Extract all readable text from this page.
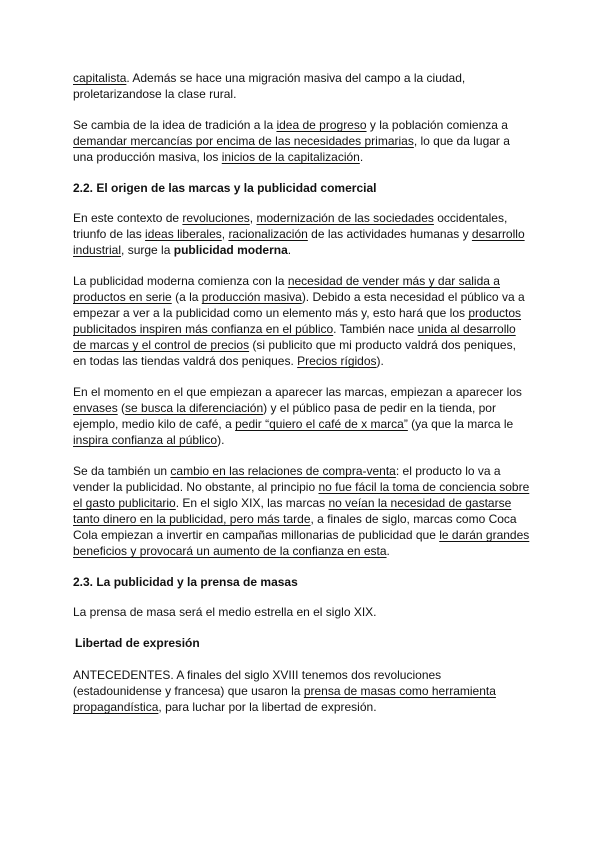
capitalista. Además se hace una migración masiva del campo a la ciudad, proletarizandose la clase rural.

Se cambia de la idea de tradición a la idea de progreso y la población comienza a demandar mercancías por encima de las necesidades primarias, lo que da lugar a una producción masiva, los inicios de la capitalización.

2.2. El origen de las marcas y la publicidad comercial

En este contexto de revoluciones, modernización de las sociedades occidentales, triunfo de las ideas liberales, racionalización de las actividades humanas y desarrollo industrial, surge la publicidad moderna.

La publicidad moderna comienza con la necesidad de vender más y dar salida a productos en serie (a la producción masiva). Debido a esta necesidad el público va a empezar a ver a la publicidad como un elemento más y, esto hará que los productos publicitados inspiren más confianza en el público. También nace unida al desarrollo de marcas y el control de precios (si publicito que mi producto valdrá dos peniques, en todas las tiendas valdrá dos peniques. Precios rígidos).

En el momento en el que empiezan a aparecer las marcas, empiezan a aparecer los envases (se busca la diferenciación) y el público pasa de pedir en la tienda, por ejemplo, medio kilo de café, a pedir “quiero el café de x marca” (ya que la marca le inspira confianza al público).

Se da también un cambio en las relaciones de compra-venta: el producto lo va a vender la publicidad. No obstante, al principio no fue fácil la toma de conciencia sobre el gasto publicitario. En el siglo XIX, las marcas no veían la necesidad de gastarse tanto dinero en la publicidad, pero más tarde, a finales de siglo, marcas como Coca Cola empiezan a invertir en campañas millonarias de publicidad que le darán grandes beneficios y provocará un aumento de la confianza en esta.

2.3. La publicidad y la prensa de masas

La prensa de masa será el medio estrella en el siglo XIX.

Libertad de expresión

ANTECEDENTES. A finales del siglo XVIII tenemos dos revoluciones (estadounidense y francesa) que usaron la prensa de masas como herramienta propagandística, para luchar por la libertad de expresión.
